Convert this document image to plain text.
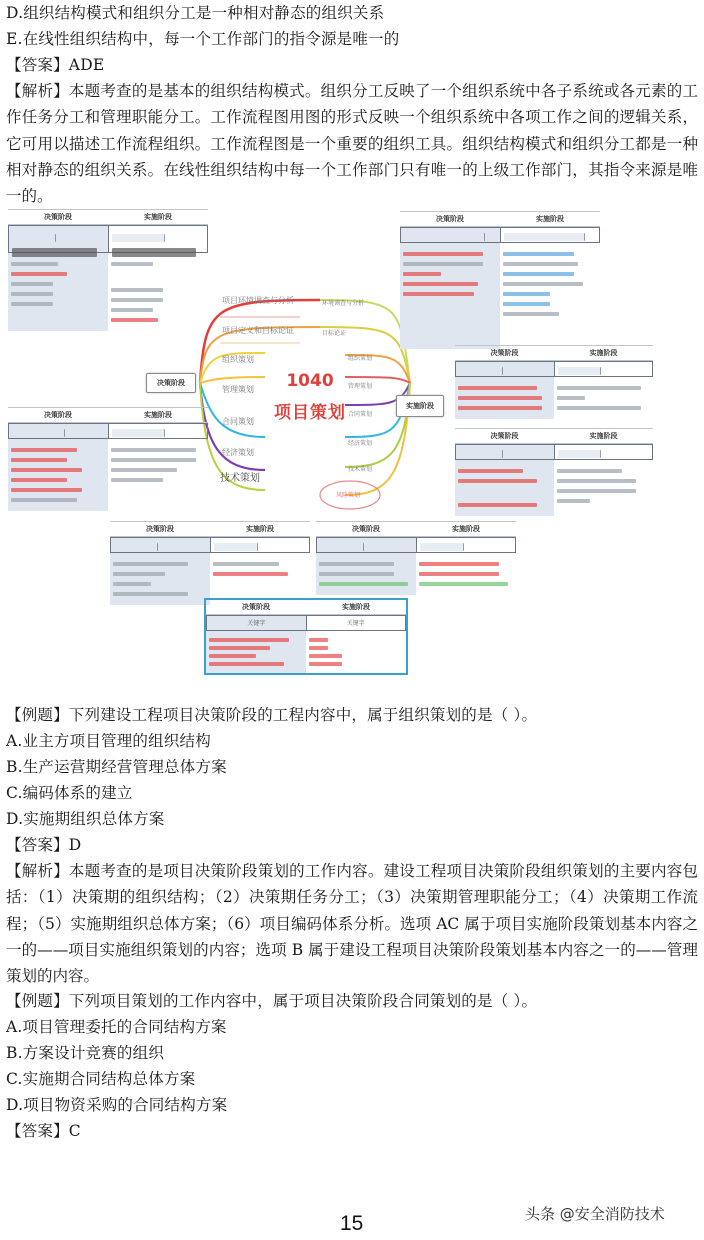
D.组织结构模式和组织分工是一种相对静态的组织关系
E.在线性组织结构中，每一个工作部门的指令源是唯一的
【答案】ADE
【解析】本题考查的是基本的组织结构模式。组织分工反映了一个组织系统中各子系统或各元素的工作任务分工和管理职能分工。工作流程图用图的形式反映一个组织系统中各项工作之间的逻辑关系，它可用以描述工作流程组织。工作流程图是一个重要的组织工具。组织结构模式和组织分工都是一种相对静态的组织关系。在线性组织结构中每一个工作部门只有唯一的上级工作部门，其指令来源是唯一的。
决策阶段	实施阶段	决策阶段	实施阶段
决策阶段	实施阶段
决策阶段	实施阶段
决策阶段	实施阶段
决策阶段	实施阶段	决策阶段	实施阶段
决策阶段	实施阶段
关键字	关键字
1040
项目策划
决策阶段
实施阶段
项目环境调查与分析
项目定义和目标论证
组织策划
管理策划
合同策划
经济策划
技术策划
环境调查与分析
目标论证
组织策划
管理策划
合同策划
经济策划
技术策划
风险策划
【例题】下列建设工程项目决策阶段的工程内容中，属于组织策划的是（ ）。
A.业主方项目管理的组织结构
B.生产运营期经营管理总体方案
C.编码体系的建立
D.实施期组织总体方案
【答案】D
【解析】本题考查的是项目决策阶段策划的工作内容。建设工程项目决策阶段组织策划的主要内容包括：（1）决策期的组织结构；（2）决策期任务分工；（3）决策期管理职能分工；（4）决策期工作流程；（5）实施期组织总体方案；（6）项目编码体系分析。选项 AC 属于项目实施阶段策划基本内容之一的——项目实施组织策划的内容；选项 B 属于建设工程项目决策阶段策划基本内容之一的——管理策划的内容。
【例题】下列项目策划的工作内容中，属于项目决策阶段合同策划的是（ ）。
A.项目管理委托的合同结构方案
B.方案设计竞赛的组织
C.实施期合同结构总体方案
D.项目物资采购的合同结构方案
【答案】C
15	头条 @安全消防技术
